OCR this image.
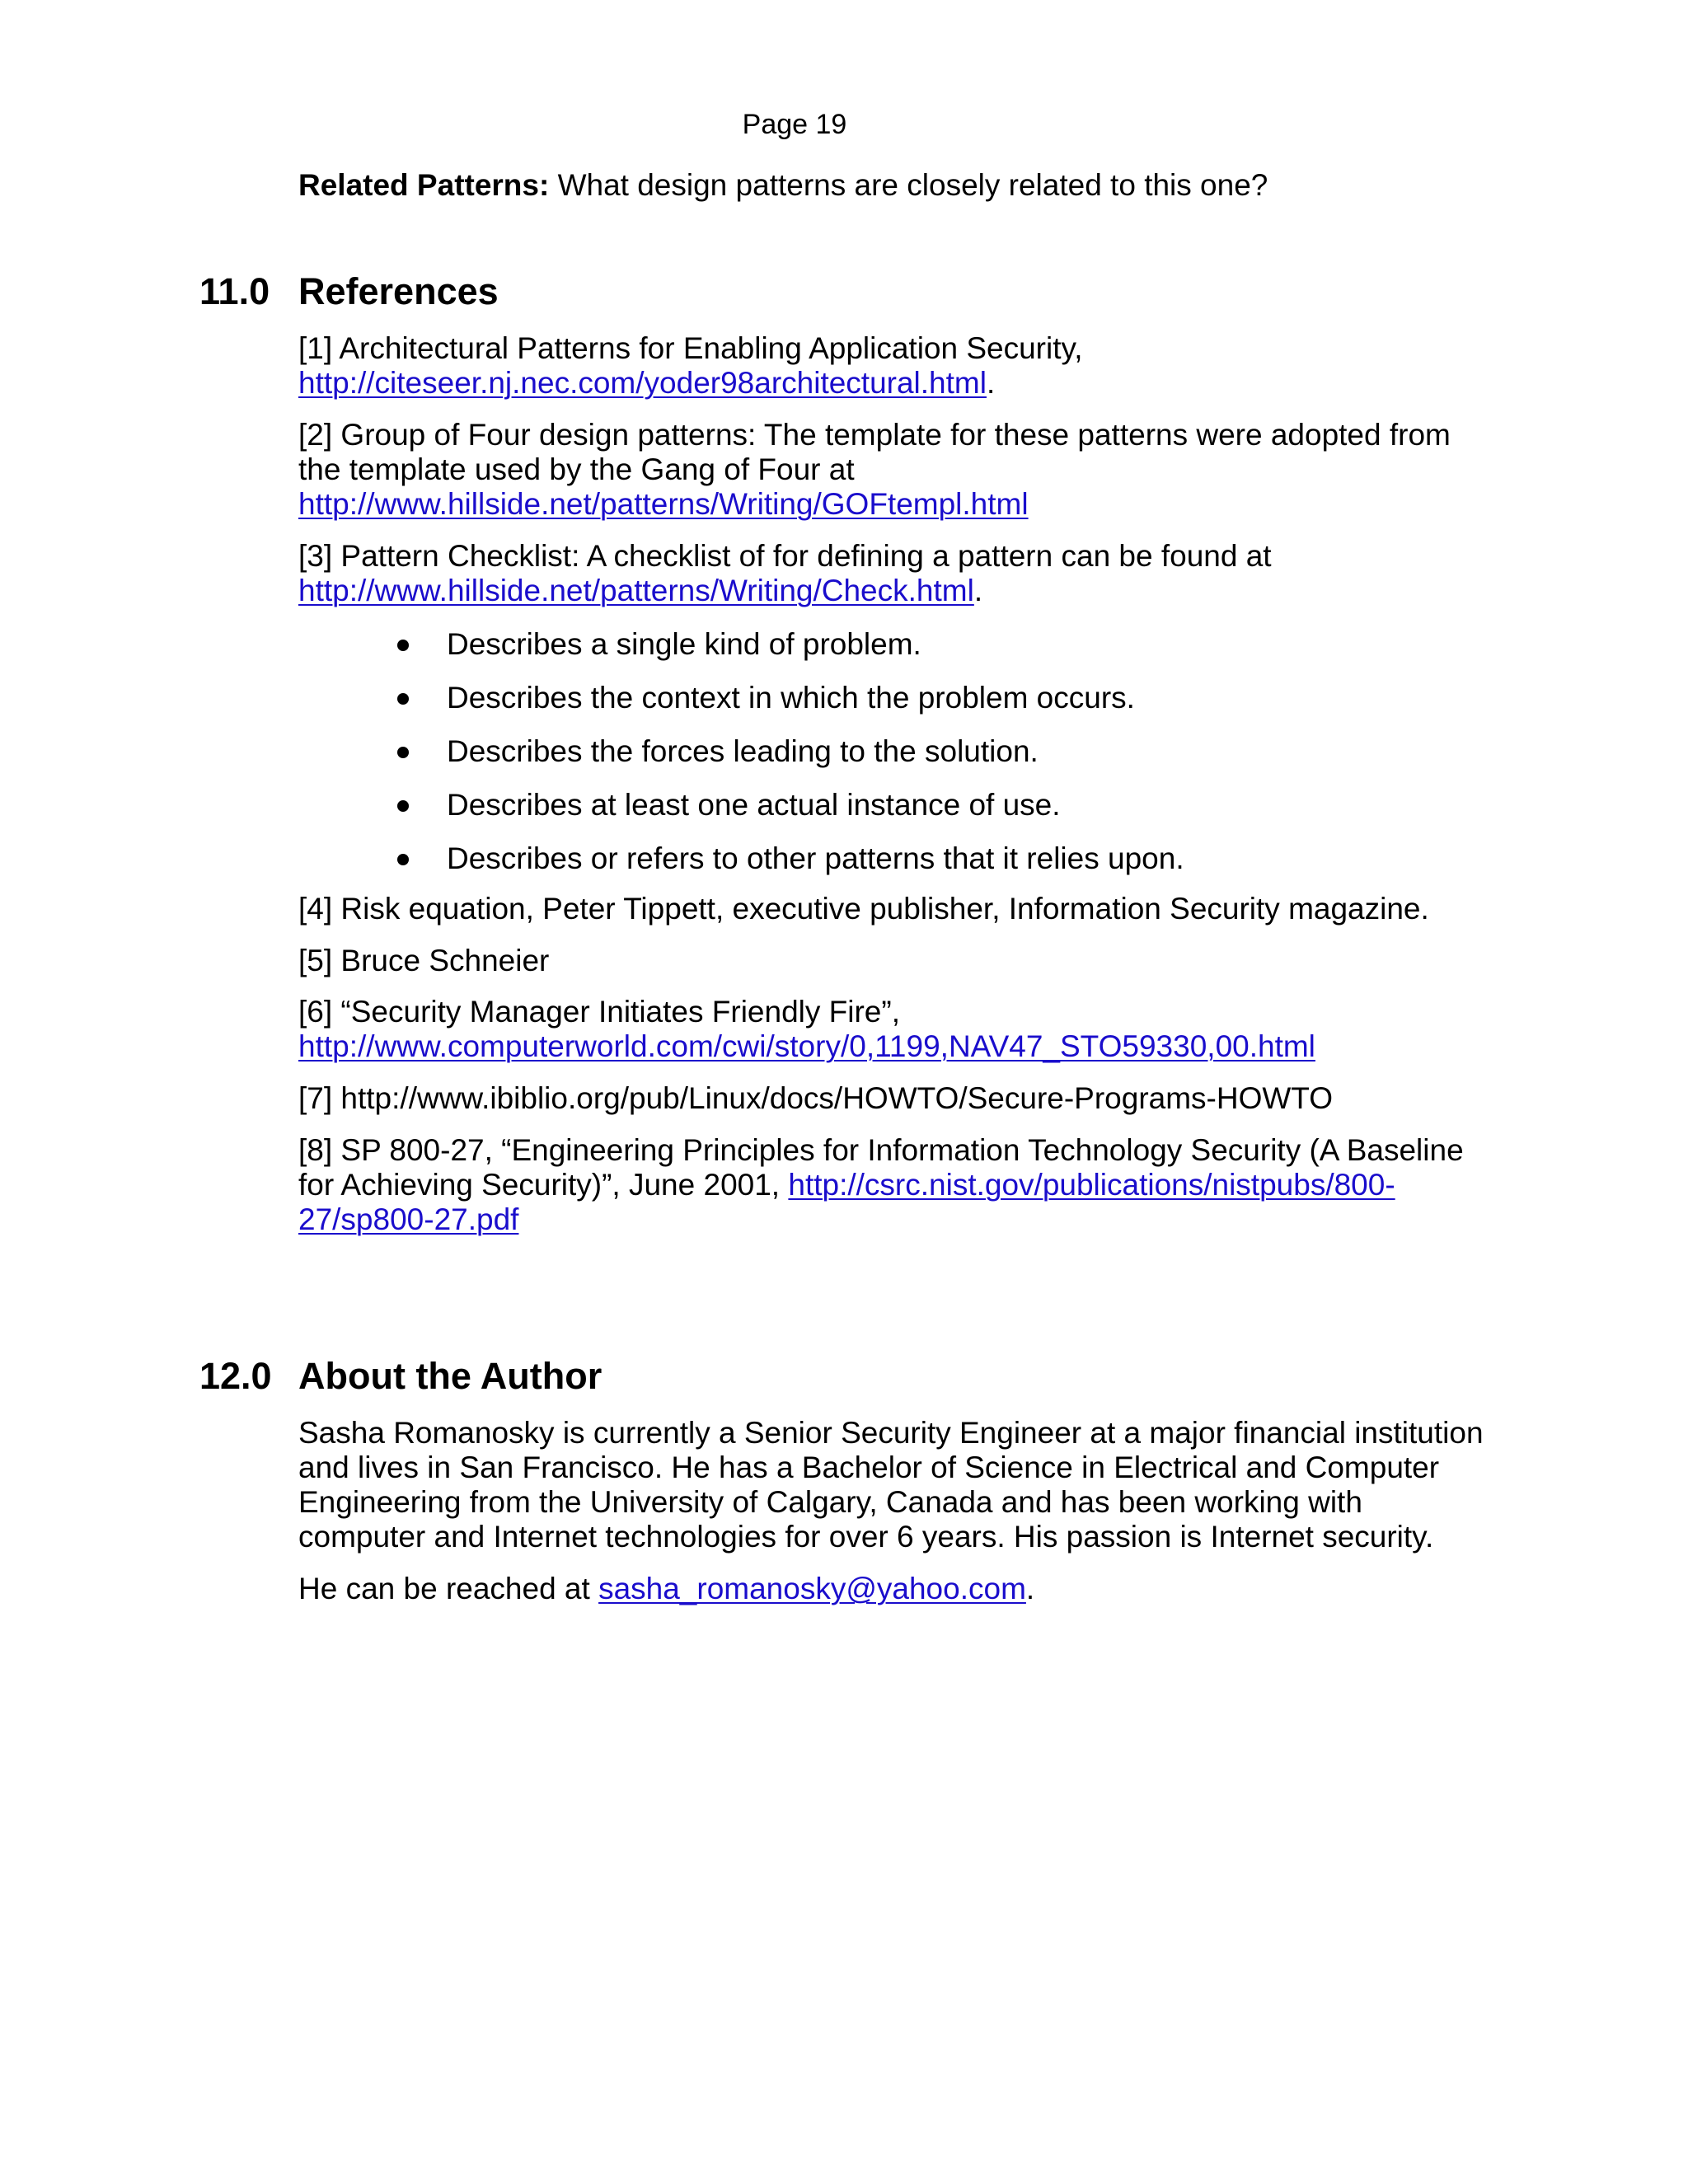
Page 19
Related Patterns: What design patterns are closely related to this one?
11.0 References
[1] Architectural Patterns for Enabling Application Security,
http://citeseer.nj.nec.com/yoder98architectural.html.
[2] Group of Four design patterns: The template for these patterns were adopted from
the template used by the Gang of Four at
http://www.hillside.net/patterns/Writing/GOFtempl.html
[3] Pattern Checklist: A checklist of for defining a pattern can be found at
http://www.hillside.net/patterns/Writing/Check.html.
Describes a single kind of problem.
Describes the context in which the problem occurs.
Describes the forces leading to the solution.
Describes at least one actual instance of use.
Describes or refers to other patterns that it relies upon.
[4] Risk equation, Peter Tippett, executive publisher, Information Security magazine.
[5] Bruce Schneier
[6] “Security Manager Initiates Friendly Fire”,
http://www.computerworld.com/cwi/story/0,1199,NAV47_STO59330,00.html
[7] http://www.ibiblio.org/pub/Linux/docs/HOWTO/Secure-Programs-HOWTO
[8] SP 800-27, “Engineering Principles for Information Technology Security (A Baseline
for Achieving Security)”, June 2001, http://csrc.nist.gov/publications/nistpubs/800-
27/sp800-27.pdf
12.0 About the Author
Sasha Romanosky is currently a Senior Security Engineer at a major financial institution
and lives in San Francisco. He has a Bachelor of Science in Electrical and Computer
Engineering from the University of Calgary, Canada and has been working with
computer and Internet technologies for over 6 years. His passion is Internet security.
He can be reached at sasha_romanosky@yahoo.com.
